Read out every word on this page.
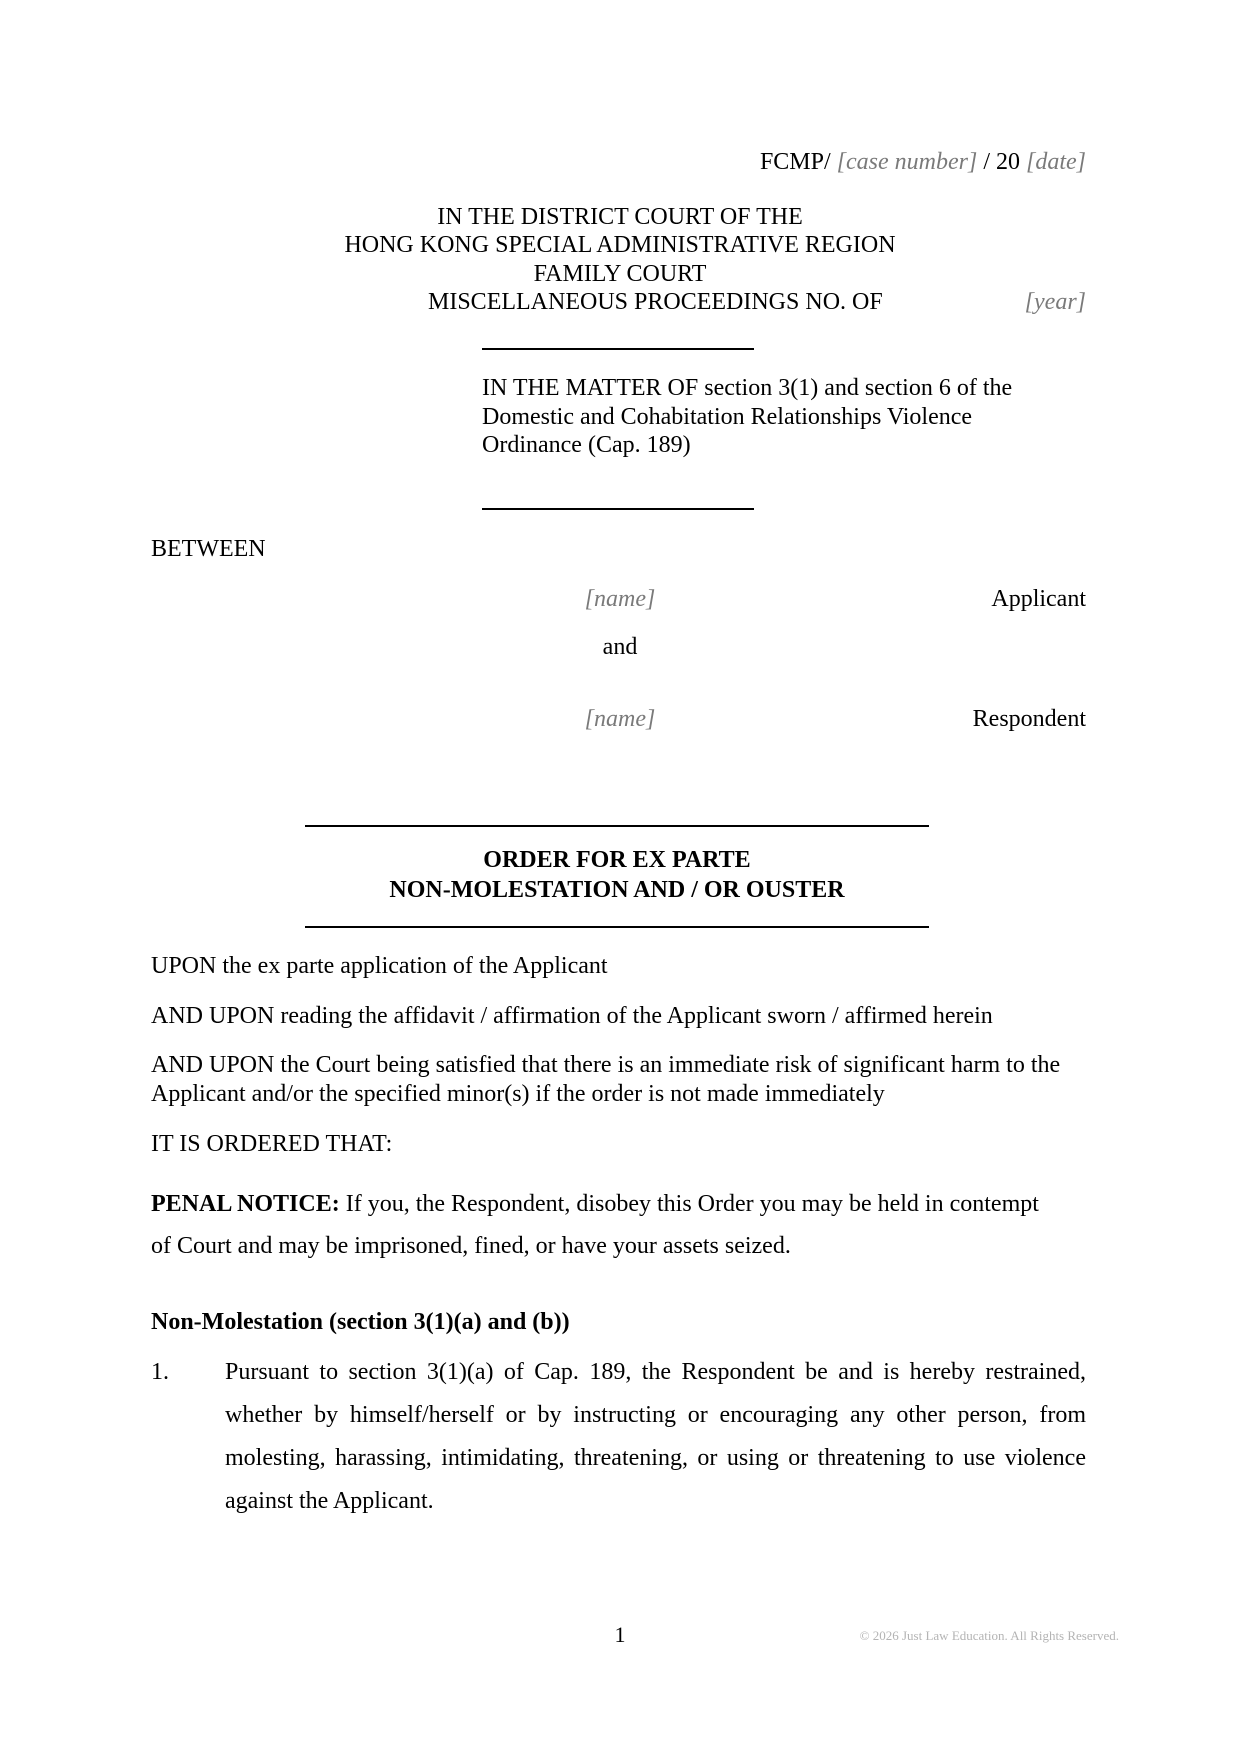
FCMP/ [case number] / 20 [date]
IN THE DISTRICT COURT OF THE
HONG KONG SPECIAL ADMINISTRATIVE REGION
FAMILY COURT
MISCELLANEOUS PROCEEDINGS NO. OF	[year]
IN THE MATTER OF section 3(1) and section 6 of the
Domestic and Cohabitation Relationships Violence
Ordinance (Cap. 189)
BETWEEN
[name]	Applicant
and
[name]	Respondent
ORDER FOR EX PARTE
NON-MOLESTATION AND / OR OUSTER
UPON the ex parte application of the Applicant
AND UPON reading the affidavit / affirmation of the Applicant sworn / affirmed herein
AND UPON the Court being satisfied that there is an immediate risk of significant harm to the Applicant and/or the specified minor(s) if the order is not made immediately
IT IS ORDERED THAT:
PENAL NOTICE: If you, the Respondent, disobey this Order you may be held in contempt
of Court and may be imprisoned, fined, or have your assets seized.
Non-Molestation (section 3(1)(a) and (b))
1. Pursuant to section 3(1)(a) of Cap. 189, the Respondent be and is hereby restrained, whether by himself/herself or by instructing or encouraging any other person, from molesting, harassing, intimidating, threatening, or using or threatening to use violence against the Applicant.
1	© 2026 Just Law Education. All Rights Reserved.
